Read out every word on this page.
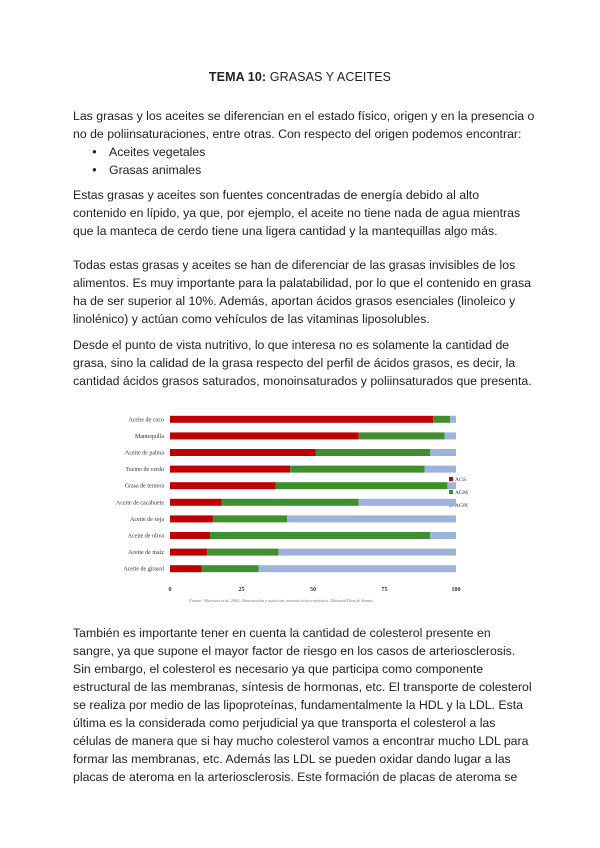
TEMA 10: GRASAS Y ACEITES

Las grasas y los aceites se diferencian en el estado físico, origen y en la presencia o no de poliinsaturaciones, entre otras. Con respecto del origen podemos encontrar:

● Aceites vegetales
● Grasas animales

Estas grasas y aceites son fuentes concentradas de energía debido al alto contenido en lípido, ya que, por ejemplo, el aceite no tiene nada de agua mientras que la manteca de cerdo tiene una ligera cantidad y la mantequillas algo más.

Todas estas grasas y aceites se han de diferenciar de las grasas invisibles de los alimentos. Es muy importante para la palatabilidad, por lo que el contenido en grasa ha de ser superior al 10%. Además, aportan ácidos grasos esenciales (linoleico y linolénico) y actúan como vehículos de las vitaminas liposolubles.

Desde el punto de vista nutritivo, lo que interesa no es solamente la cantidad de grasa, sino la calidad de la grasa respecto del perfil de ácidos grasos, es decir, la cantidad ácidos grasos saturados, monoinsaturados y poliinsaturados que presenta.

Aceite de coco
Mantequilla
Aceite de palma
Tocino de cerdo
Grasa de ternera
Aceite de cacahuete
Aceite de soja
Aceite de oliva
Aceite de maíz
Aceite de girasol
0	25	50	75	100
AGS
AGM
AGPI
Fuente: Vilarrasa et al. 2005. Alimentación y nutrición: manual teórico-práctico. Editorial Díaz de Santos

También es importante tener en cuenta la cantidad de colesterol presente en sangre, ya que supone el mayor factor de riesgo en los casos de arteriosclerosis. Sin embargo, el colesterol es necesario ya que participa como componente estructural de las membranas, síntesis de hormonas, etc. El transporte de colesterol se realiza por medio de las lipoproteínas, fundamentalmente la HDL y la LDL. Esta última es la considerada como perjudicial ya que transporta el colesterol a las células de manera que si hay mucho colesterol vamos a encontrar mucho LDL para formar las membranas, etc. Además las LDL se pueden oxidar dando lugar a las placas de ateroma en la arteriosclerosis. Este formación de placas de ateroma se
